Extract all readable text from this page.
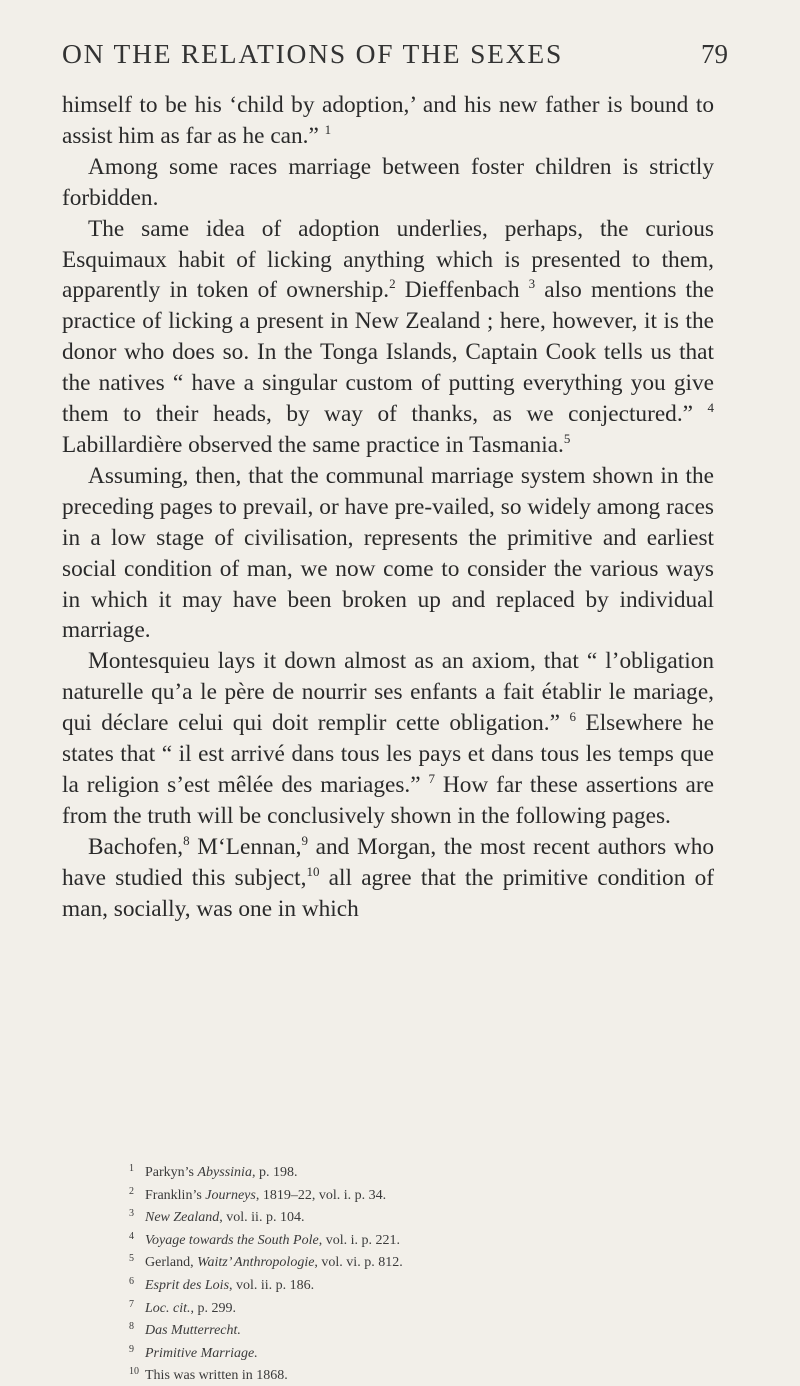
ON THE RELATIONS OF THE SEXES	79

himself to be his ‘child by adoption,’ and his new father is bound to assist him as far as he can.” $^1$

Among some races marriage between foster children is strictly forbidden.

The same idea of adoption underlies, perhaps, the curious Esquimaux habit of licking anything which is presented to them, apparently in token of ownership.$^2$ Dieffenbach $^3$ also mentions the practice of licking a present in New Zealand ; here, however, it is the donor who does so. In the Tonga Islands, Captain Cook tells us that the natives “ have a singular custom of putting everything you give them to their heads, by way of thanks, as we conjectured.” $^4$ Labillardière observed the same practice in Tasmania.$^5$

Assuming, then, that the communal marriage system shown in the preceding pages to prevail, or have pre-vailed, so widely among races in a low stage of civilisation, represents the primitive and earliest social condition of man, we now come to consider the various ways in which it may have been broken up and replaced by individual marriage.

Montesquieu lays it down almost as an axiom, that “ l’obligation naturelle qu’a le père de nourrir ses enfants a fait établir le mariage, qui déclare celui qui doit remplir cette obligation.” $^6$ Elsewhere he states that “ il est arrivé dans tous les pays et dans tous les temps que la religion s’est mêlée des mariages.” $^7$ How far these assertions are from the truth will be conclusively shown in the following pages.

Bachofen,$^8$ M‘Lennan,$^9$ and Morgan, the most recent authors who have studied this subject,$^{10}$ all agree that the primitive condition of man, socially, was one in which

1 Parkyn’s Abyssinia, p. 198.
2 Franklin’s Journeys, 1819–22, vol. i. p. 34.
3 New Zealand, vol. ii. p. 104.
4 Voyage towards the South Pole, vol. i. p. 221.
5 Gerland, Waitz’ Anthropologie, vol. vi. p. 812.
6 Esprit des Lois, vol. ii. p. 186.
7 Loc. cit., p. 299.
8 Das Mutterrecht.
9 Primitive Marriage.
10 This was written in 1868.
